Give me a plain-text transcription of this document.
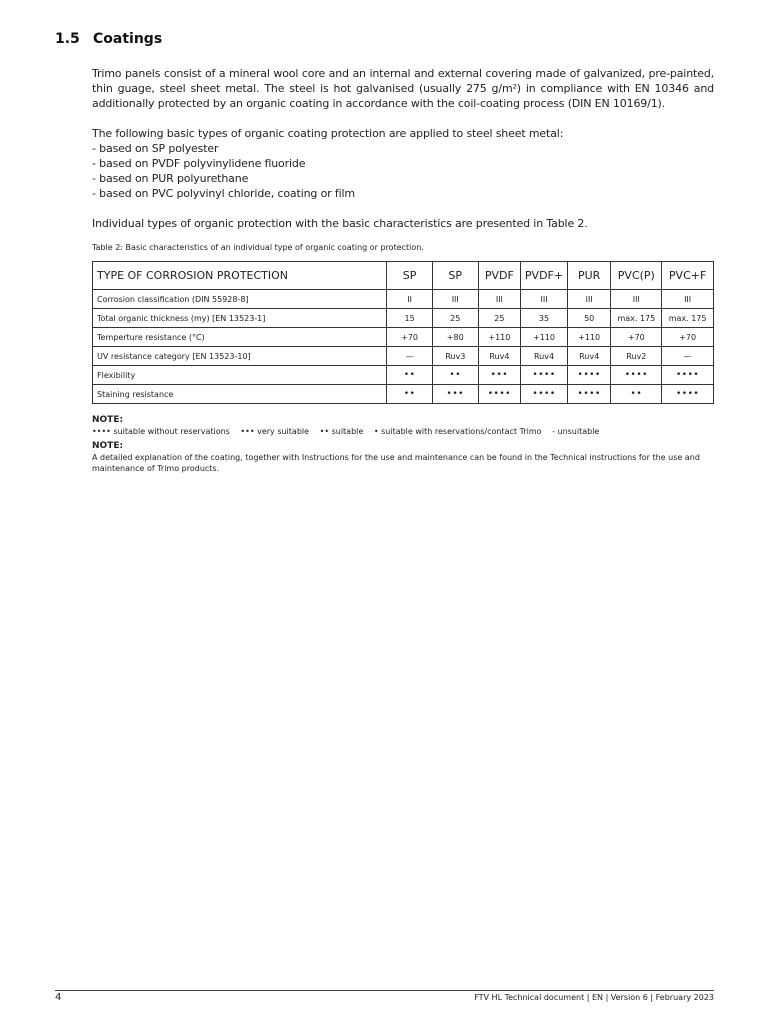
1.5 Coatings

Trimo panels consist of a mineral wool core and an internal and external covering made of galvanized, pre-painted, thin guage, steel sheet metal. The steel is hot galvanised (usually 275 g/m²) in compliance with EN 10346 and additionally protected by an organic coating in accordance with the coil-coating process (DIN EN 10169/1).

The following basic types of organic coating protection are applied to steel sheet metal:

- based on SP polyester
- based on PVDF polyvinylidene fluoride
- based on PUR polyurethane
- based on PVC polyvinyl chloride, coating or film

Individual types of organic protection with the basic characteristics are presented in Table 2.

Table 2: Basic characteristics of an individual type of organic coating or protection.
TYPE OF CORROSION PROTECTION	SP	SP	PVDF	PVDF+	PUR	PVC(P)	PVC+F
Corrosion classification (DIN 55928-8]	II	III	III	III	III	III	III
Total organic thickness (my) [EN 13523-1]	15	25	25	35	50	max. 175	max. 175
Temperture resistance (°C)	+70	+80	+110	+110	+110	+70	+70
UV resistance category [EN 13523-10]	—	Ruv3	Ruv4	Ruv4	Ruv4	Ruv2	—
Flexibility	••	••	•••	••••	••••	••••	••••
Staining resistance	••	•••	••••	••••	••••	••	••••
NOTE:
•••• suitable without reservations ••• very suitable •• suitable • suitable with reservations/contact Trimo - unsuitable
NOTE:
A detailed explanation of the coating, together with Instructions for the use and maintenance can be found in the Technical instructions for the use and maintenance of Trimo products.
4	FTV HL Technical document | EN | Version 6 | February 2023
